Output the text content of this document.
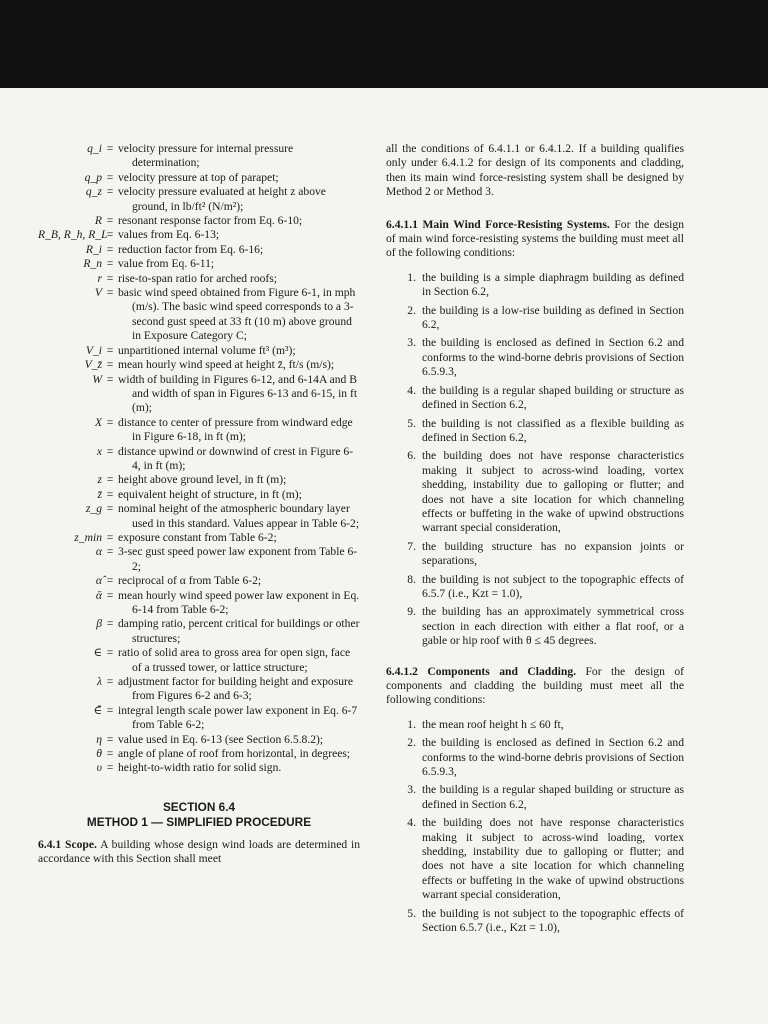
q_i = velocity pressure for internal pressure determination;
q_p = velocity pressure at top of parapet;
q_z = velocity pressure evaluated at height z above ground, in lb/ft² (N/m²);
R = resonant response factor from Eq. 6-10;
R_B, R_h, R_L = values from Eq. 6-13;
R_i = reduction factor from Eq. 6-16;
R_n = value from Eq. 6-11;
r = rise-to-span ratio for arched roofs;
V = basic wind speed obtained from Figure 6-1, in mph (m/s). The basic wind speed corresponds to a 3-second gust speed at 33 ft (10 m) above ground in Exposure Category C;
V_i = unpartitioned internal volume ft³ (m³);
V_z̄ = mean hourly wind speed at height z̄, ft/s (m/s);
W = width of building in Figures 6-12, and 6-14A and B and width of span in Figures 6-13 and 6-15, in ft (m);
X = distance to center of pressure from windward edge in Figure 6-18, in ft (m);
x = distance upwind or downwind of crest in Figure 6-4, in ft (m);
z = height above ground level, in ft (m);
z̄ = equivalent height of structure, in ft (m);
z_g = nominal height of the atmospheric boundary layer used in this standard. Values appear in Table 6-2;
z_min = exposure constant from Table 6-2;
α = 3-sec gust speed power law exponent from Table 6-2;
α̂ = reciprocal of α from Table 6-2;
ᾱ = mean hourly wind speed power law exponent in Eq. 6-14 from Table 6-2;
β = damping ratio, percent critical for buildings or other structures;
∈ = ratio of solid area to gross area for open sign, face of a trussed tower, or lattice structure;
λ = adjustment factor for building height and exposure from Figures 6-2 and 6-3;
∈̄ = integral length scale power law exponent in Eq. 6-7 from Table 6-2;
η = value used in Eq. 6-13 (see Section 6.5.8.2);
θ = angle of plane of roof from horizontal, in degrees;
υ = height-to-width ratio for solid sign.
SECTION 6.4
METHOD 1 — SIMPLIFIED PROCEDURE

6.4.1 Scope. A building whose design wind loads are determined in accordance with this Section shall meet

all the conditions of 6.4.1.1 or 6.4.1.2. If a building qualifies only under 6.4.1.2 for design of its components and cladding, then its main wind force-resisting system shall be designed by Method 2 or Method 3.

6.4.1.1 Main Wind Force-Resisting Systems. For the design of main wind force-resisting systems the building must meet all of the following conditions:

1. the building is a simple diaphragm building as defined in Section 6.2,
2. the building is a low-rise building as defined in Section 6.2,
3. the building is enclosed as defined in Section 6.2 and conforms to the wind-borne debris provisions of Section 6.5.9.3,
4. the building is a regular shaped building or structure as defined in Section 6.2,
5. the building is not classified as a flexible building as defined in Section 6.2,
6. the building does not have response characteristics making it subject to across-wind loading, vortex shedding, instability due to galloping or flutter; and does not have a site location for which channeling effects or buffeting in the wake of upwind obstructions warrant special consideration,
7. the building structure has no expansion joints or separations,
8. the building is not subject to the topographic effects of 6.5.7 (i.e., Kzt = 1.0),
9. the building has an approximately symmetrical cross section in each direction with either a flat roof, or a gable or hip roof with θ ≤ 45 degrees.

6.4.1.2 Components and Cladding. For the design of components and cladding the building must meet all the following conditions:

1. the mean roof height h ≤ 60 ft,
2. the building is enclosed as defined in Section 6.2 and conforms to the wind-borne debris provisions of Section 6.5.9.3,
3. the building is a regular shaped building or structure as defined in Section 6.2,
4. the building does not have response characteristics making it subject to across-wind loading, vortex shedding, instability due to galloping or flutter; and does not have a site location for which channeling effects or buffeting in the wake of upwind obstructions warrant special consideration,
5. the building is not subject to the topographic effects of Section 6.5.7 (i.e., Kzt = 1.0),
